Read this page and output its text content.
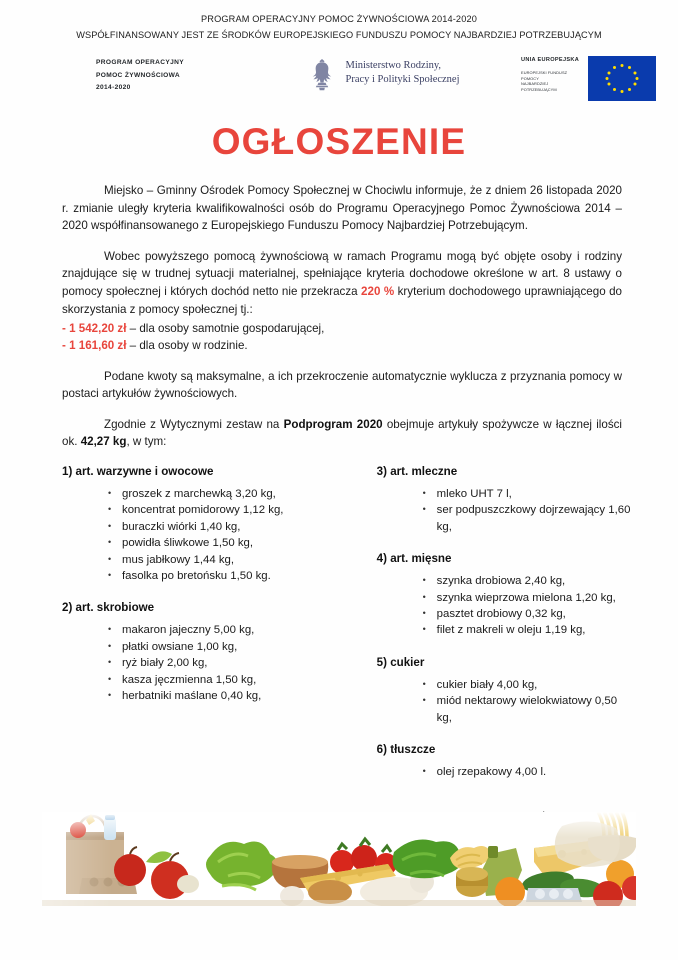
PROGRAM OPERACYJNY POMOC ŻYWNOŚCIOWA 2014-2020
WSPÓŁFINANSOWANY JEST ZE ŚRODKÓW EUROPEJSKIEGO FUNDUSZU POMOCY NAJBARDZIEJ POTRZEBUJĄCYM
PROGRAM OPERACYJNY
POMOC ŻYWNOŚCIOWA
2014-2020
Ministerstwo Rodziny,
Pracy i Polityki Społecznej
UNIA EUROPEJSKA
EUROPEJSKI FUNDUSZ POMOCY
NAJBARDZIEJ POTRZEBUJĄCYM
OGŁOSZENIE

Miejsko – Gminny Ośrodek Pomocy Społecznej w Chociwlu informuje, że z dniem 26 listopada 2020 r. zmianie uległy kryteria kwalifikowalności osób do Programu Operacyjnego Pomoc Żywnościowa 2014 – 2020 współfinansowanego z Europejskiego Funduszu Pomocy Najbardziej Potrzebującym.

Wobec powyższego pomocą żywnościową w ramach Programu mogą być objęte osoby i rodziny znajdujące się w trudnej sytuacji materialnej, spełniające kryteria dochodowe określone w art. 8 ustawy o pomocy społecznej i których dochód netto nie przekracza 220 % kryterium dochodowego uprawniającego do skorzystania z pomocy społecznej tj.:

- 1 542,20 zł – dla osoby samotnie gospodarującej,

- 1 161,60 zł – dla osoby w rodzinie.

Podane kwoty są maksymalne, a ich przekroczenie automatycznie wyklucza z przyznania pomocy w postaci artykułów żywnościowych.

Zgodnie z Wytycznymi zestaw na Podprogram 2020 obejmuje artykuły spożywcze w łącznej ilości ok. 42,27 kg, w tym:

1) art. warzywne i owocowe
• groszek z marchewką 3,20 kg,
• koncentrat pomidorowy 1,12 kg,
• buraczki wiórki 1,40 kg,
• powidła śliwkowe 1,50 kg,
• mus jabłkowy 1,44 kg,
• fasolka po bretońsku 1,50 kg.
2) art. skrobiowe
• makaron jajeczny 5,00 kg,
• płatki owsiane 1,00 kg,
• ryż biały 2,00 kg,
• kasza jęczmienna 1,50 kg,
• herbatniki maślane 0,40 kg,
3) art. mleczne
• mleko UHT 7 l,
• ser podpuszczkowy dojrzewający 1,60 kg,
4) art. mięsne
• szynka drobiowa 2,40 kg,
• szynka wieprzowa mielona 1,20 kg,
• pasztet drobiowy 0,32 kg,
• filet z makreli w oleju 1,19 kg,
5) cukier
• cukier biały 4,00 kg,
• miód nektarowy wielokwiatowy 0,50 kg,
6) tłuszcze
• olej rzepakowy 4,00 l.
